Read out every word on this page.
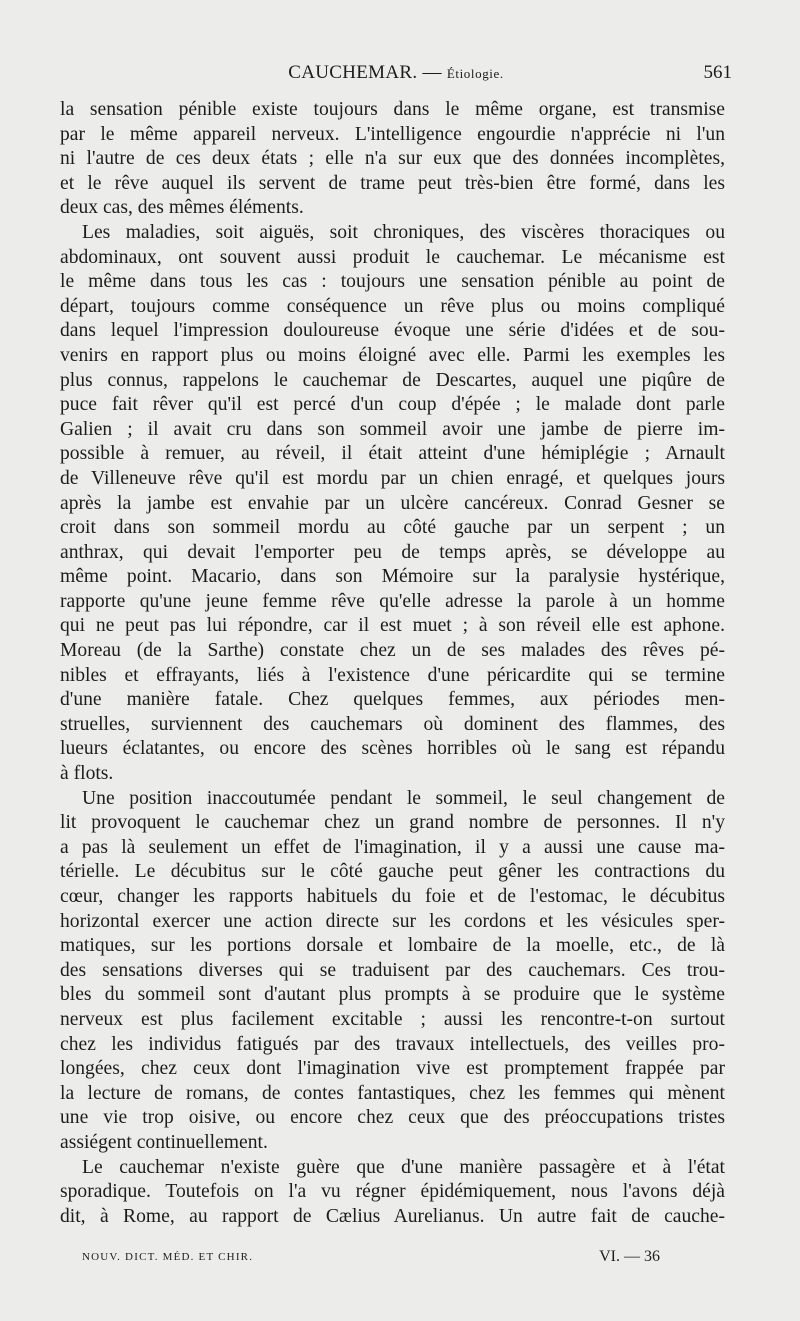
CAUCHEMAR. — Étiologie.	561
la sensation pénible existe toujours dans le même organe, est transmise
par le même appareil nerveux. L'intelligence engourdie n'apprécie ni l'un
ni l'autre de ces deux états ; elle n'a sur eux que des données incomplètes,
et le rêve auquel ils servent de trame peut très-bien être formé, dans les
deux cas, des mêmes éléments.
Les maladies, soit aiguës, soit chroniques, des viscères thoraciques ou
abdominaux, ont souvent aussi produit le cauchemar. Le mécanisme est
le même dans tous les cas : toujours une sensation pénible au point de
départ, toujours comme conséquence un rêve plus ou moins compliqué
dans lequel l'impression douloureuse évoque une série d'idées et de sou-
venirs en rapport plus ou moins éloigné avec elle. Parmi les exemples les
plus connus, rappelons le cauchemar de Descartes, auquel une piqûre de
puce fait rêver qu'il est percé d'un coup d'épée ; le malade dont parle
Galien ; il avait cru dans son sommeil avoir une jambe de pierre im-
possible à remuer, au réveil, il était atteint d'une hémiplégie ; Arnault
de Villeneuve rêve qu'il est mordu par un chien enragé, et quelques jours
après la jambe est envahie par un ulcère cancéreux. Conrad Gesner se
croit dans son sommeil mordu au côté gauche par un serpent ; un
anthrax, qui devait l'emporter peu de temps après, se développe au
même point. Macario, dans son Mémoire sur la paralysie hystérique,
rapporte qu'une jeune femme rêve qu'elle adresse la parole à un homme
qui ne peut pas lui répondre, car il est muet ; à son réveil elle est aphone.
Moreau (de la Sarthe) constate chez un de ses malades des rêves pé-
nibles et effrayants, liés à l'existence d'une péricardite qui se termine
d'une manière fatale. Chez quelques femmes, aux périodes men-
struelles, surviennent des cauchemars où dominent des flammes, des
lueurs éclatantes, ou encore des scènes horribles où le sang est répandu
à flots.
Une position inaccoutumée pendant le sommeil, le seul changement de
lit provoquent le cauchemar chez un grand nombre de personnes. Il n'y
a pas là seulement un effet de l'imagination, il y a aussi une cause ma-
térielle. Le décubitus sur le côté gauche peut gêner les contractions du
cœur, changer les rapports habituels du foie et de l'estomac, le décubitus
horizontal exercer une action directe sur les cordons et les vésicules sper-
matiques, sur les portions dorsale et lombaire de la moelle, etc., de là
des sensations diverses qui se traduisent par des cauchemars. Ces trou-
bles du sommeil sont d'autant plus prompts à se produire que le système
nerveux est plus facilement excitable ; aussi les rencontre-t-on surtout
chez les individus fatigués par des travaux intellectuels, des veilles pro-
longées, chez ceux dont l'imagination vive est promptement frappée par
la lecture de romans, de contes fantastiques, chez les femmes qui mènent
une vie trop oisive, ou encore chez ceux que des préoccupations tristes
assiégent continuellement.
Le cauchemar n'existe guère que d'une manière passagère et à l'état
sporadique. Toutefois on l'a vu régner épidémiquement, nous l'avons déjà
dit, à Rome, au rapport de Cælius Aurelianus. Un autre fait de cauche-
NOUV. DICT. MÉD. ET CHIR.	VI. — 36
